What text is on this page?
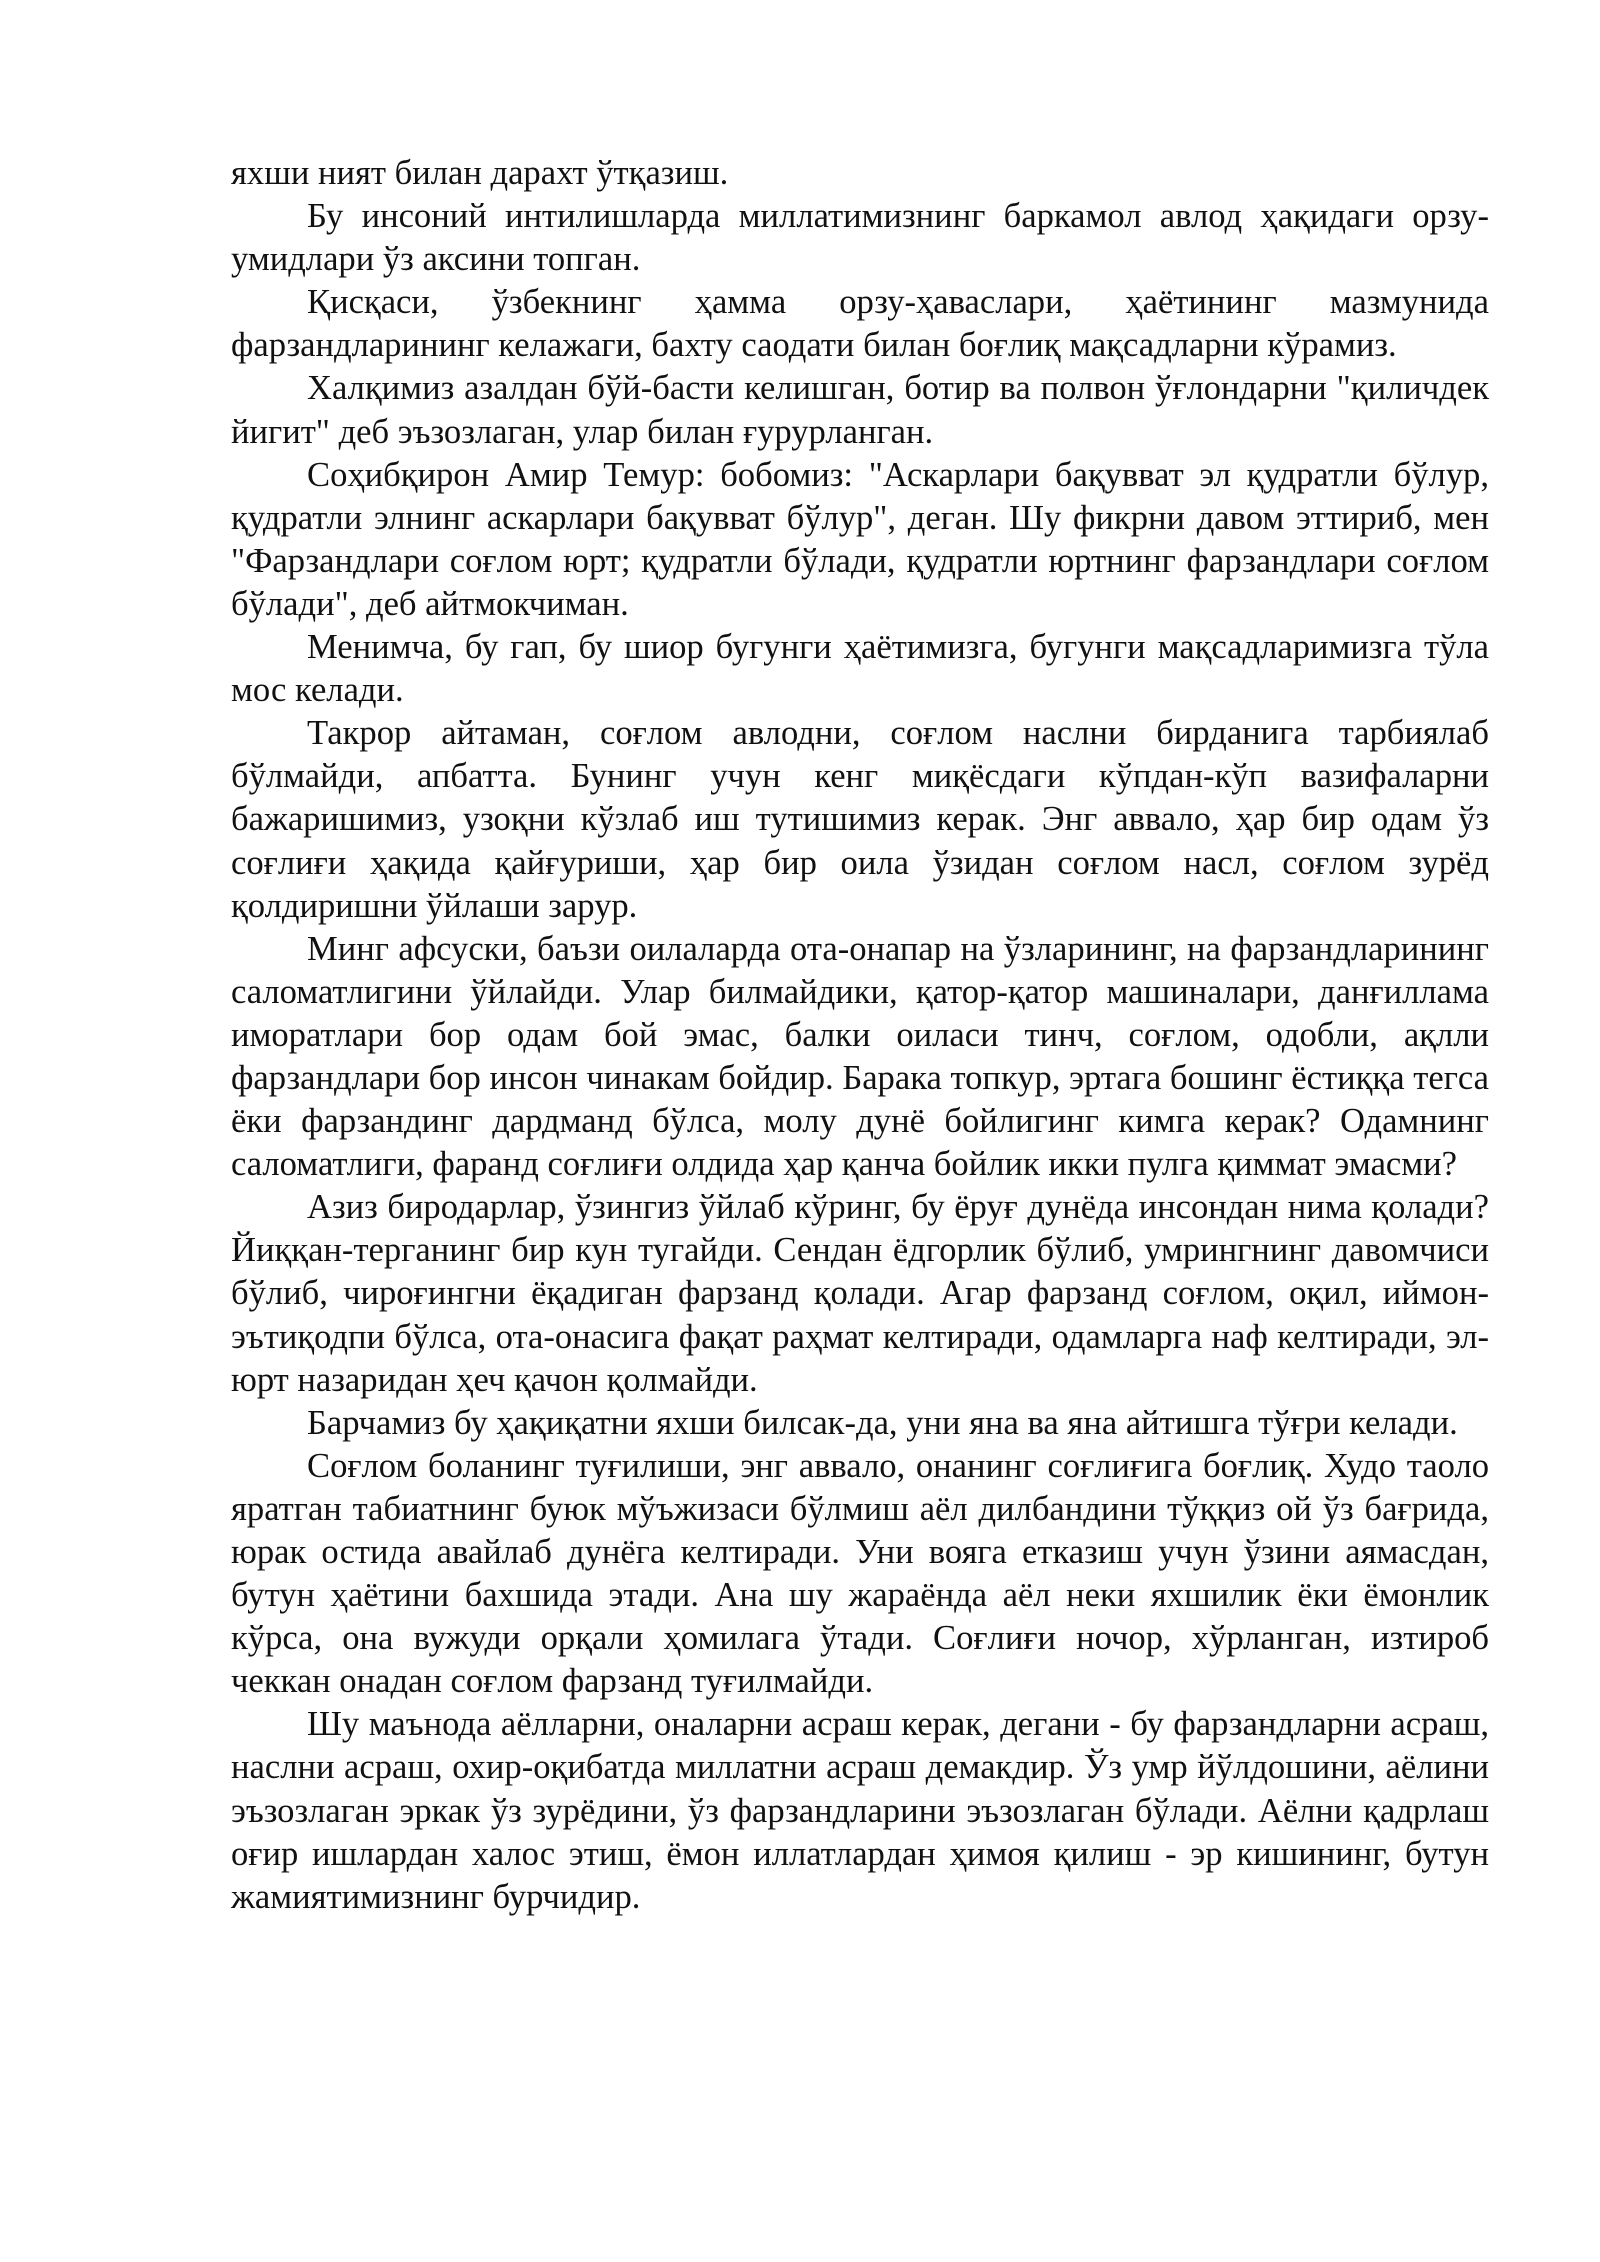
яхши ният билан дарахт ўтқазиш.

Бу инсоний интилишларда миллатимизнинг баркамол авлод ҳақидаги орзу-умидлари ўз аксини топган.

Қисқаси, ўзбекнинг ҳамма орзу-ҳаваслари, ҳаётининг мазмунида фарзандларининг келажаги, бахту саодати билан боғлиқ мақсадларни кўрамиз.

Халқимиз азалдан бўй-басти келишган, ботир ва полвон ўғлондарни "қиличдек йигит" деб эъзозлаган, улар билан ғурурланган.

Соҳибқирон Амир Темур: бобомиз: "Аскарлари бақувват эл қудратли бўлур, қудратли элнинг аскарлари бақувват бўлур", деган. Шу фикрни давом эттириб, мен "Фарзандлари соғлом юрт; қудратли бўлади, қудратли юртнинг фарзандлари соғлом бўлади", деб айтмокчиман.

Менимча, бу гап, бу шиор бугунги ҳаётимизга, бугунги мақсадларимизга тўла мос келади.

Такрор айтаман, соғлом авлодни, соғлом наслни бирданига тарбиялаб бўлмайди, апбатта. Бунинг учун кенг миқёсдаги кўпдан-кўп вазифаларни бажаришимиз, узоқни кўзлаб иш тутишимиз керак. Энг аввало, ҳар бир одам ўз соғлиғи ҳақида қайғуриши, ҳар бир оила ўзидан соғлом насл, соғлом зурёд қолдиришни ўйлаши зарур.

Минг афсуски, баъзи оилаларда ота-онапар на ўзларининг, на фарзандларининг саломатлигини ўйлайди. Улар билмайдики, қатор-қатор машиналари, данғиллама иморатлари бор одам бой эмас, балки оиласи тинч, соғлом, одобли, ақлли фарзандлари бор инсон чинакам бойдир. Барака топкур, эртага бошинг ёстиққа тегса ёки фарзандинг дардманд бўлса, молу дунё бойлигинг кимга керак? Одамнинг саломатлиги, фаранд соғлиғи олдида ҳар қанча бойлик икки пулга қиммат эмасми?

Азиз биродарлар, ўзингиз ўйлаб кўринг, бу ёруғ дунёда инсондан нима қолади? Йиққан-терганинг бир кун тугайди. Сендан ёдгорлик бўлиб, умрингнинг давомчиси бўлиб, чироғингни ёқадиган фарзанд қолади. Агар фарзанд соғлом, оқил, иймон-эътиқодпи бўлса, ота-онасига фақат раҳмат келтиради, одамларга наф келтиради, эл-юрт назаридан ҳеч қачон қолмайди.

Барчамиз бу ҳақиқатни яхши билсак-да, уни яна ва яна айтишга тўғри келади.

Соғлом боланинг туғилиши, энг аввало, онанинг соғлиғига боғлиқ. Худо таоло яратган табиатнинг буюк мўъжизаси бўлмиш аёл дилбандини тўққиз ой ўз бағрида, юрак остида авайлаб дунёга келтиради. Уни вояга етказиш учун ўзини аямасдан, бутун ҳаётини бахшида этади. Ана шу жараёнда аёл неки яхшилик ёки ёмонлик кўрса, она вужуди орқали ҳомилага ўтади. Соғлиғи ночор, хўрланган, изтироб чеккан онадан соғлом фарзанд туғилмайди.

Шу маънода аёлларни, оналарни асраш керак, дегани - бу фарзандларни асраш, наслни асраш, охир-оқибатда миллатни асраш демакдир. Ўз умр йўлдошини, аёлини эъзозлаган эркак ўз зурёдини, ўз фарзандларини эъзозлаган бўлади. Аёлни қадрлаш оғир ишлардан халос этиш, ёмон иллатлардан ҳимоя қилиш - эр кишининг, бутун жамиятимизнинг бурчидир.
